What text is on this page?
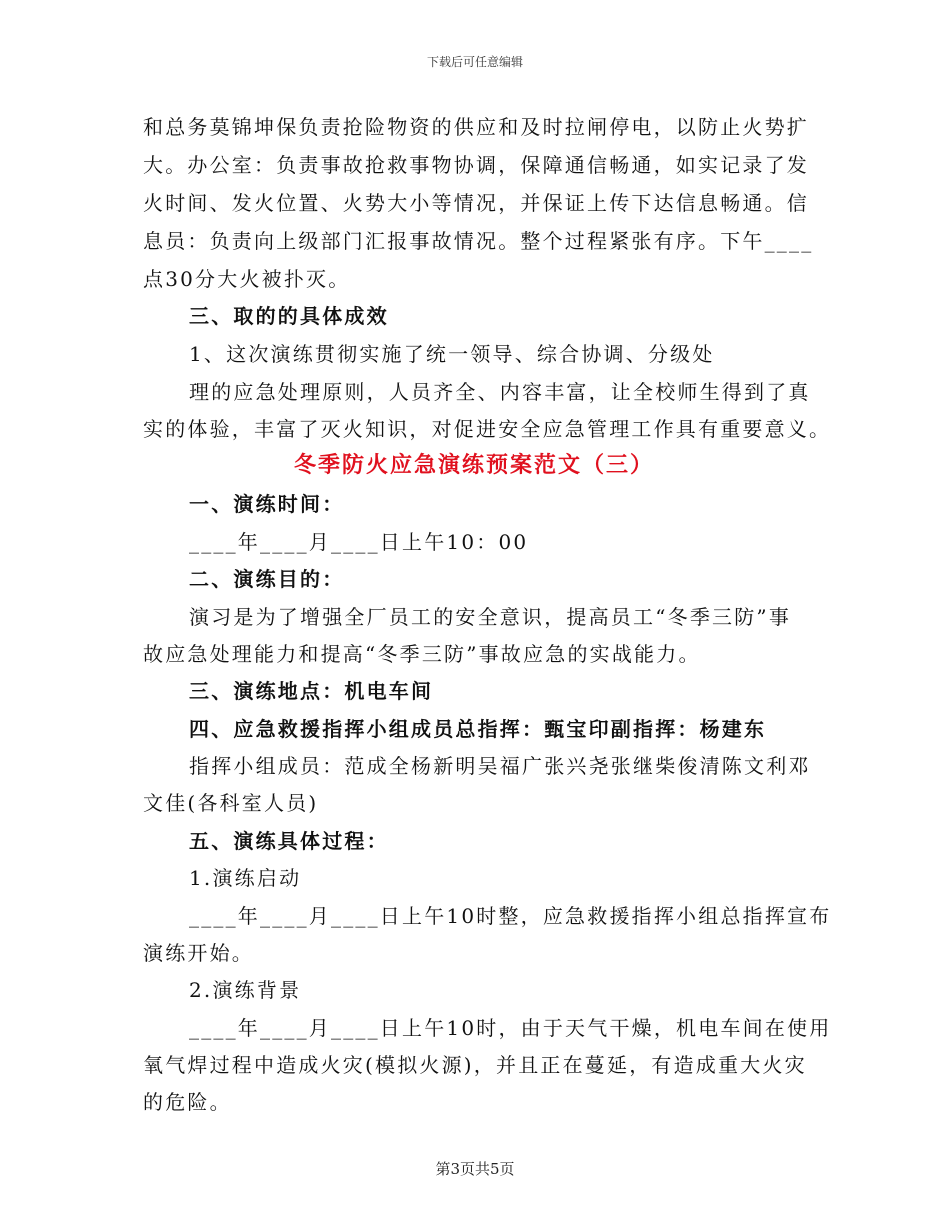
下载后可任意编辑
和总务莫锦坤保负责抢险物资的供应和及时拉闸停电，以防止火势扩
大。办公室：负责事故抢救事物协调，保障通信畅通，如实记录了发
火时间、发火位置、火势大小等情况，并保证上传下达信息畅通。信
息员：负责向上级部门汇报事故情况。整个过程紧张有序。下午____
点30分大火被扑灭。
三、取的的具体成效
1、这次演练贯彻实施了统一领导、综合协调、分级处
理的应急处理原则，人员齐全、内容丰富，让全校师生得到了真
实的体验，丰富了灭火知识，对促进安全应急管理工作具有重要意义。
冬季防火应急演练预案范文（三）
一、演练时间：
____年____月____日上午10：00
二、演练目的：
演习是为了增强全厂员工的安全意识，提高员工“冬季三防”事
故应急处理能力和提高“冬季三防”事故应急的实战能力。
三、演练地点：机电车间
四、应急救援指挥小组成员总指挥：甄宝印副指挥：杨建东
指挥小组成员：范成全杨新明吴福广张兴尧张继柴俊清陈文利邓
文佳(各科室人员)
五、演练具体过程：
1.演练启动
____年____月____日上午10时整，应急救援指挥小组总指挥宣布
演练开始。
2.演练背景
____年____月____日上午10时，由于天气干燥，机电车间在使用
氧气焊过程中造成火灾(模拟火源)，并且正在蔓延，有造成重大火灾
的危险。
第3页共5页
